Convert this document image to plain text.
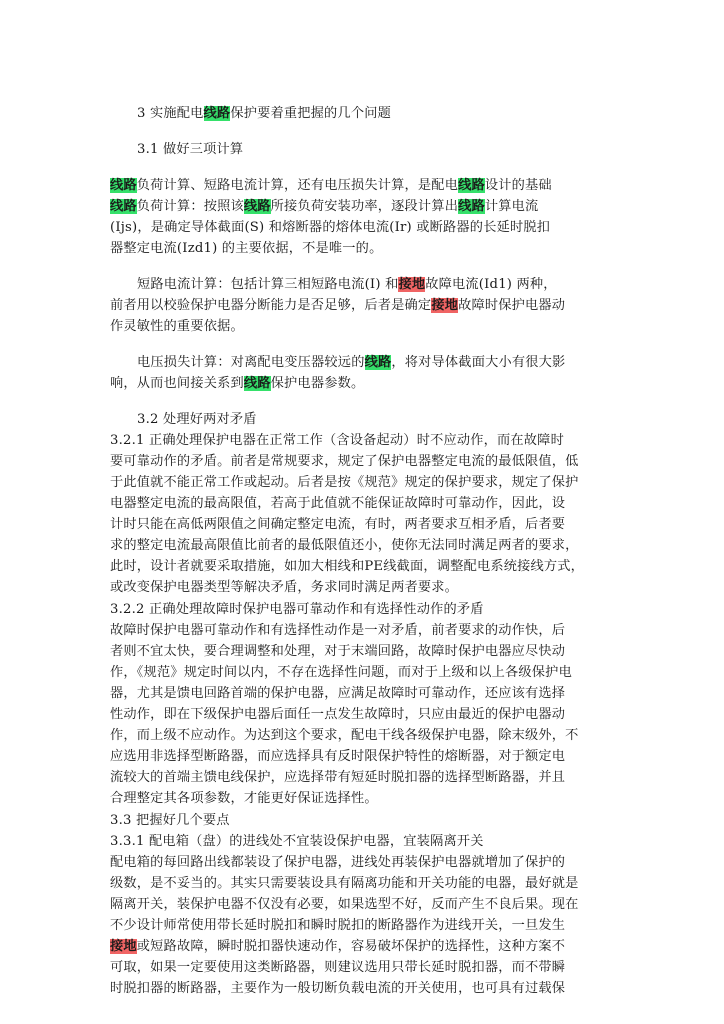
3 实施配电线路保护要着重把握的几个问题
3.1 做好三项计算
线路负荷计算、短路电流计算，还有电压损失计算，是配电线路设计的基础
线路负荷计算：按照该线路所接负荷安装功率，逐段计算出线路计算电流
(Ijs)，是确定导体截面(S) 和熔断器的熔体电流(Ir) 或断路器的长延时脱扣
器整定电流(Izd1) 的主要依据，不是唯一的。
短路电流计算：包括计算三相短路电流(I) 和接地故障电流(Id1) 两种，
前者用以校验保护电器分断能力是否足够，后者是确定接地故障时保护电器动
作灵敏性的重要依据。
电压损失计算：对离配电变压器较远的线路，将对导体截面大小有很大影
响，从而也间接关系到线路保护电器参数。
3.2 处理好两对矛盾
3.2.1 正确处理保护电器在正常工作（含设备起动）时不应动作，而在故障时
要可靠动作的矛盾。前者是常规要求，规定了保护电器整定电流的最低限值，低
于此值就不能正常工作或起动。后者是按《规范》规定的保护要求，规定了保护
电器整定电流的最高限值，若高于此值就不能保证故障时可靠动作，因此，设
计时只能在高低两限值之间确定整定电流，有时，两者要求互相矛盾，后者要
求的整定电流最高限值比前者的最低限值还小，使你无法同时满足两者的要求，
此时，设计者就要采取措施，如加大相线和PE线截面，调整配电系统接线方式，
或改变保护电器类型等解决矛盾，务求同时满足两者要求。
3.2.2 正确处理故障时保护电器可靠动作和有选择性动作的矛盾
故障时保护电器可靠动作和有选择性动作是一对矛盾，前者要求的动作快，后
者则不宜太快，要合理调整和处理，对于末端回路，故障时保护电器应尽快动
作，《规范》规定时间以内，不存在选择性问题，而对于上级和以上各级保护电
器，尤其是馈电回路首端的保护电器，应满足故障时可靠动作，还应该有选择
性动作，即在下级保护电器后面任一点发生故障时，只应由最近的保护电器动
作，而上级不应动作。为达到这个要求，配电干线各级保护电器，除末级外，不
应选用非选择型断路器，而应选择具有反时限保护特性的熔断器，对于额定电
流较大的首端主馈电线保护，应选择带有短延时脱扣器的选择型断路器，并且
合理整定其各项参数，才能更好保证选择性。
3.3 把握好几个要点
3.3.1 配电箱（盘）的进线处不宜装设保护电器，宜装隔离开关
配电箱的每回路出线都装设了保护电器，进线处再装保护电器就增加了保护的
级数，是不妥当的。其实只需要装设具有隔离功能和开关功能的电器，最好就是
隔离开关，装保护电器不仅没有必要，如果选型不好，反而产生不良后果。现在
不少设计师常使用带长延时脱扣和瞬时脱扣的断路器作为进线开关，一旦发生
接地或短路故障，瞬时脱扣器快速动作，容易破坏保护的选择性，这种方案不
可取，如果一定要使用这类断路器，则建议选用只带长延时脱扣器，而不带瞬
时脱扣器的断路器，主要作为一般切断负载电流的开关使用，也可具有过载保
